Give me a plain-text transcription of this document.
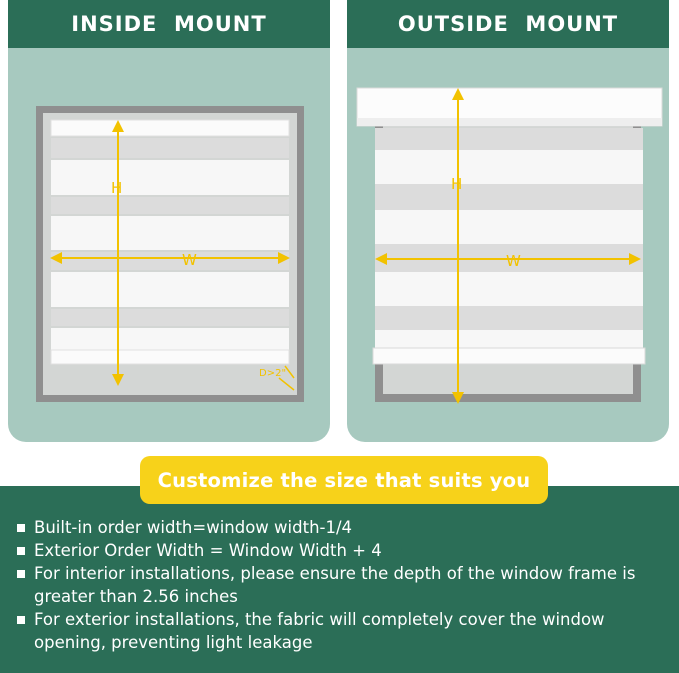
INSIDE  MOUNT
H
W
D>2"
OUTSIDE  MOUNT
H
W
Customize the size that suits you
Built-in order width=window width-1/4
Exterior Order Width = Window Width + 4
For interior installations, please ensure the depth of the window frame is greater than 2.56 inches
For exterior installations, the fabric will completely cover the window opening, preventing light leakage
